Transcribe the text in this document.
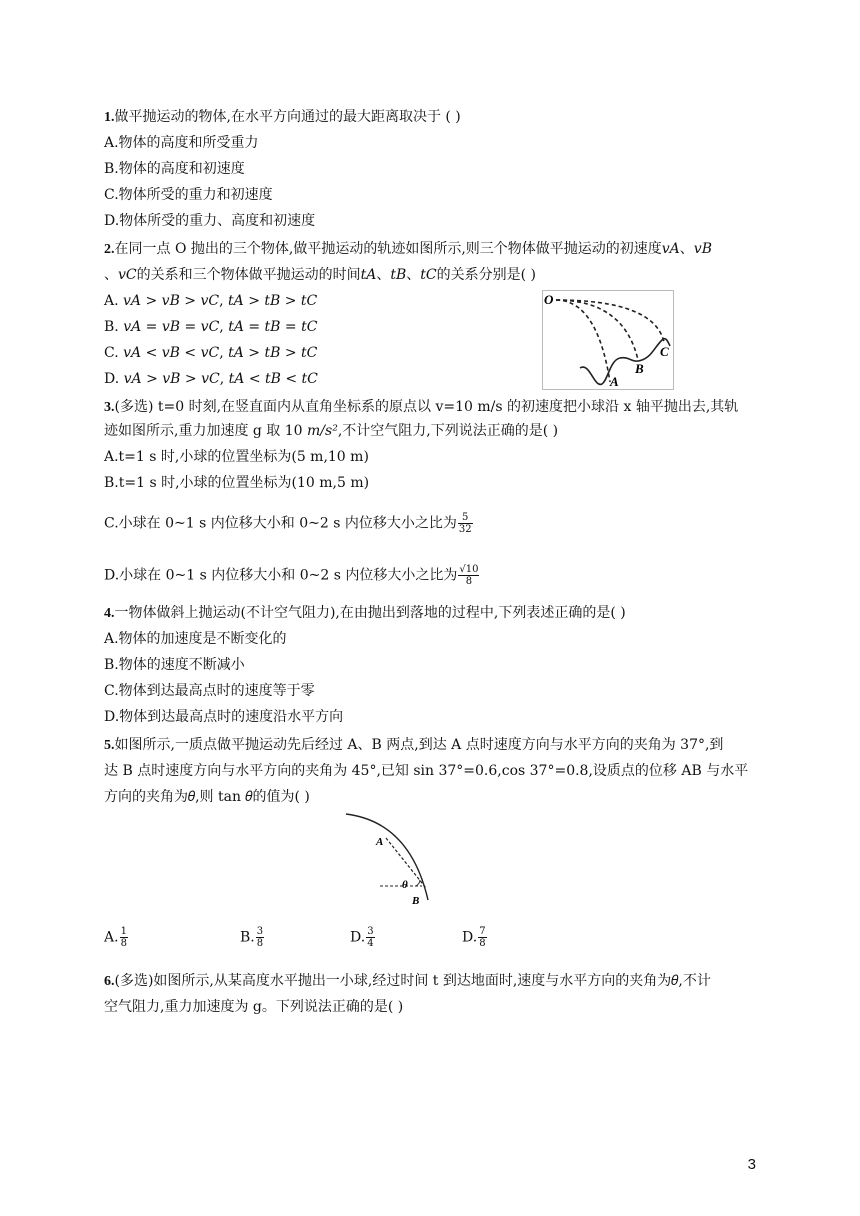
1.做平抛运动的物体,在水平方向通过的最大距离取决于 ( )
A.物体的高度和所受重力
B.物体的高度和初速度
C.物体所受的重力和初速度
D.物体所受的重力、高度和初速度
2.在同一点 O 抛出的三个物体,做平抛运动的轨迹如图所示,则三个物体做平抛运动的初速度𝑣𝐴、𝑣𝐵
、𝑣𝐶的关系和三个物体做平抛运动的时间𝑡𝐴、𝑡𝐵、𝑡𝐶的关系分别是( )
A. 𝑣𝐴 > 𝑣𝐵 > 𝑣𝐶, 𝑡𝐴 > 𝑡𝐵 > 𝑡𝐶
B. 𝑣𝐴 = 𝑣𝐵 = 𝑣𝐶, 𝑡𝐴 = 𝑡𝐵 = 𝑡𝐶
C. 𝑣𝐴 < 𝑣𝐵 < 𝑣𝐶, 𝑡𝐴 > 𝑡𝐵 > 𝑡𝐶
D. 𝑣𝐴 > 𝑣𝐵 > 𝑣𝐶, 𝑡𝐴 < 𝑡𝐵 < 𝑡𝐶
O
A
B
C
3.(多选) t=0 时刻,在竖直面内从直角坐标系的原点以 v=10 m/s 的初速度把小球沿 x 轴平抛出去,其轨
迹如图所示,重力加速度 g 取 10 𝑚/𝑠²,不计空气阻力,下列说法正确的是( )
A.t=1 s 时,小球的位置坐标为(5 m,10 m)
B.t=1 s 时,小球的位置坐标为(10 m,5 m)
C.小球在 0~1 s 内位移大小和 0~2 s 内位移大小之比为 $\frac{5}{32}$
D.小球在 0~1 s 内位移大小和 0~2 s 内位移大小之比为 $\frac{√10}{8}$
4.一物体做斜上抛运动(不计空气阻力),在由抛出到落地的过程中,下列表述正确的是( )
A.物体的加速度是不断变化的
B.物体的速度不断减小
C.物体到达最高点时的速度等于零
D.物体到达最高点时的速度沿水平方向
5.如图所示,一质点做平抛运动先后经过 A、B 两点,到达 A 点时速度方向与水平方向的夹角为 37°,到
达 B 点时速度方向与水平方向的夹角为 45°,已知 sin 37°=0.6,cos 37°=0.8,设质点的位移 AB 与水平
方向的夹角为𝜃,则 tan 𝜃的值为( )
A
θ
B
A. $\frac{1}{8}$	B. $\frac{3}{8}$	D. $\frac{3}{4}$	D. $\frac{7}{8}$
6.(多选)如图所示,从某高度水平抛出一小球,经过时间 t 到达地面时,速度与水平方向的夹角为𝜃,不计
空气阻力,重力加速度为 g。下列说法正确的是( )
3
